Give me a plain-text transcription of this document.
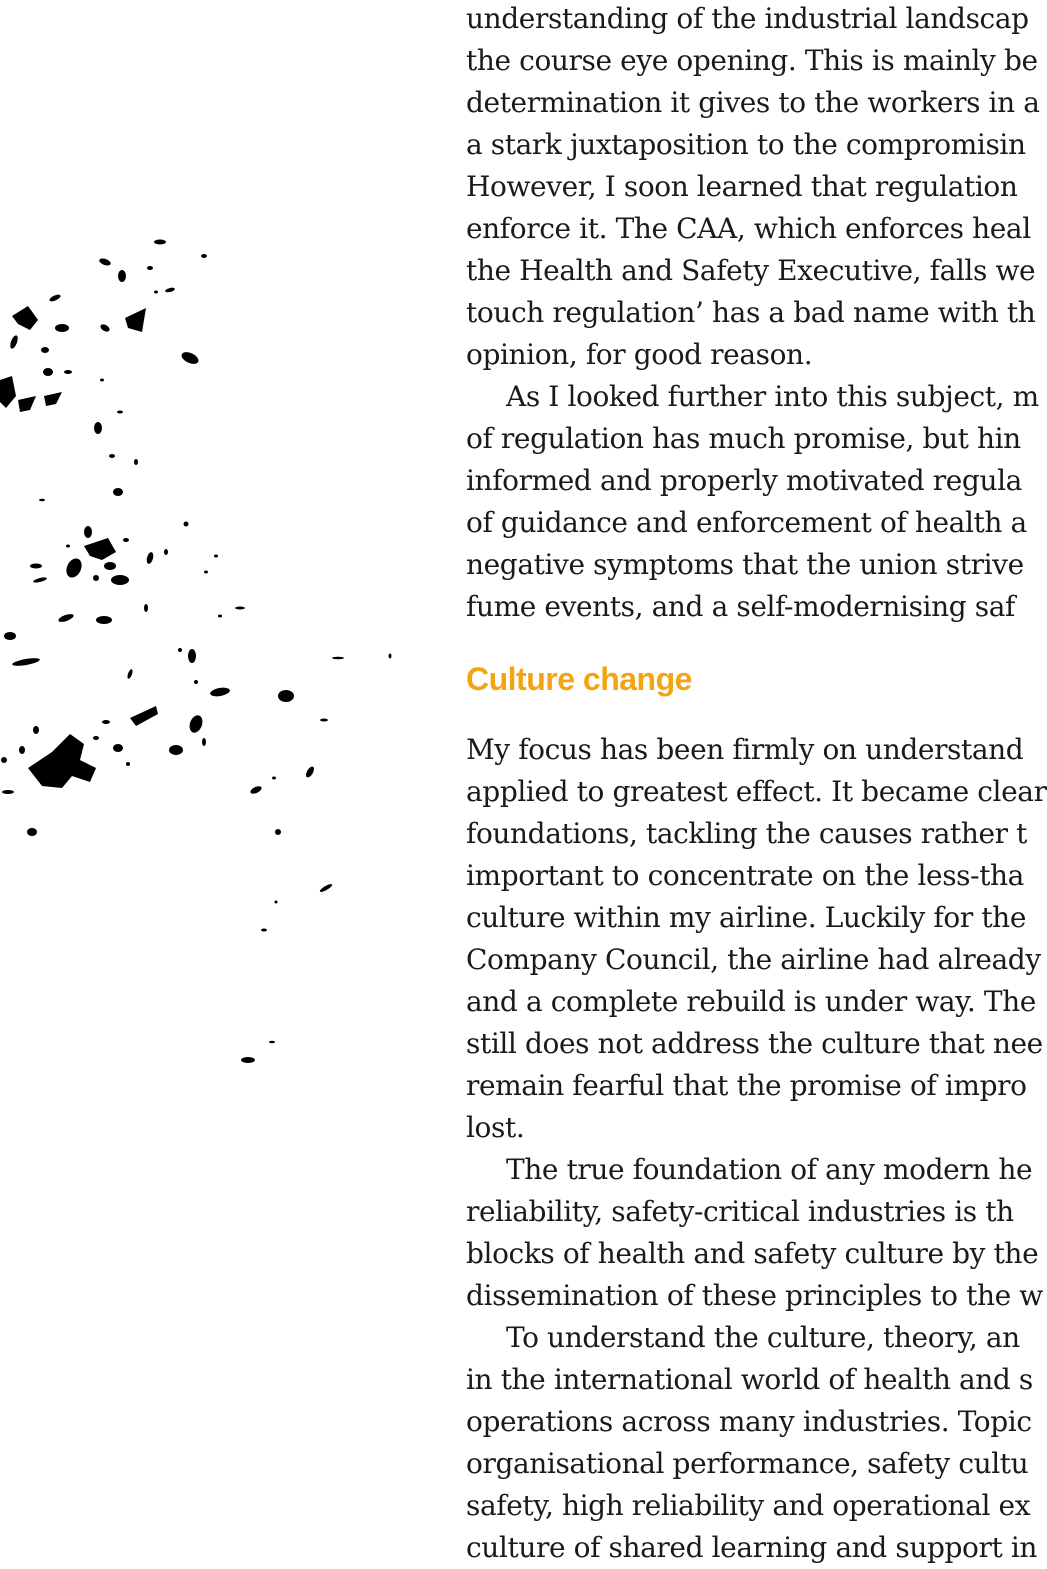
understanding of the industrial landscap
the course eye opening. This is mainly be
determination it gives to the workers in a
a stark juxtaposition to the compromisin
However, I soon learned that regulation
enforce it. The CAA, which enforces heal
the Health and Safety Executive, falls we
touch regulation’ has a bad name with th
opinion, for good reason.
As I looked further into this subject, m
of regulation has much promise, but hin
informed and properly motivated regula
of guidance and enforcement of health a
negative symptoms that the union strive
fume events, and a self-modernising saf
Culture change
My focus has been firmly on understand
applied to greatest effect. It became clear
foundations, tackling the causes rather t
important to concentrate on the less-tha
culture within my airline. Luckily for the
Company Council, the airline had already
and a complete rebuild is under way. The
still does not address the culture that nee
remain fearful that the promise of impro
lost.
The true foundation of any modern he
reliability, safety-critical industries is th
blocks of health and safety culture by the
dissemination of these principles to the w
To understand the culture, theory, an
in the international world of health and s
operations across many industries. Topic
organisational performance, safety cultu
safety, high reliability and operational ex
culture of shared learning and support in
